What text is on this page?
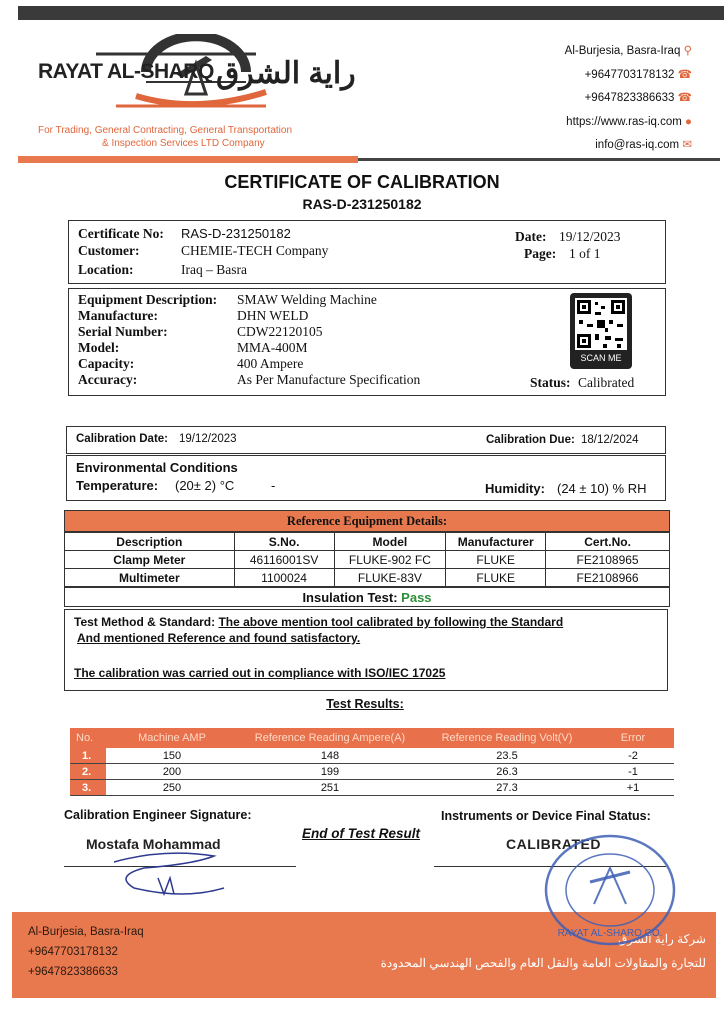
RAYAT AL-SHARQ راية الشرق
For Trading, General Contracting, General Transportation
& Inspection Services LTD Company
Al-Burjesia, Basra-Iraq ⚲
+9647703178132 ☎
+9647823386633 ☎
https://www.ras-iq.com ●
info@ras-iq.com ✉
CERTIFICATE OF CALIBRATION
RAS-D-231250182
Certificate No: RAS-D-231250182
Customer:	CHEMIE-TECH Company
Location:	Iraq – Basra
Date: 19/12/2023
Page: 1 of 1
Equipment Description: SMAW Welding Machine
Manufacture:	DHN WELD
Serial Number:	CDW22120105
Model:	MMA-400M
Capacity:	400 Ampere
Accuracy:	As Per Manufacture Specification
SCAN ME
Status: Calibrated
Calibration Date: 19/12/2023	Calibration Due: 18/12/2024
Environmental Conditions
Temperature: (20± 2) °C	-	Humidity: (24 ± 10) % RH
Reference Equipment Details:
Description	S.No.	Model	Manufacturer	Cert.No.
Clamp Meter	46116001SV	FLUKE-902 FC	FLUKE	FE2108965
Multimeter	1100024	FLUKE-83V	FLUKE	FE2108966
Insulation Test: Pass
Test Method & Standard: The above mention tool calibrated by following the Standard
And mentioned Reference and found satisfactory.
The calibration was carried out in compliance with ISO/IEC 17025
Test Results:
No.	Machine AMP	Reference Reading Ampere(A)	Reference Reading Volt(V)	Error
1.	150	148	23.5	-2
2.	200	199	26.3	-1
3.	250	251	27.3	+1
Calibration Engineer Signature:
End of Test Result
Instruments or Device Final Status:
Mostafa Mohammad	CALIBRATED
Al-Burjesia, Basra-Iraq
+9647703178132
+9647823386633
شركة راية الشرق
للتجارة والمقاولات العامة والنقل العام والفحص الهندسي المحدودة
RAYAT AL-SHARQ CO.
